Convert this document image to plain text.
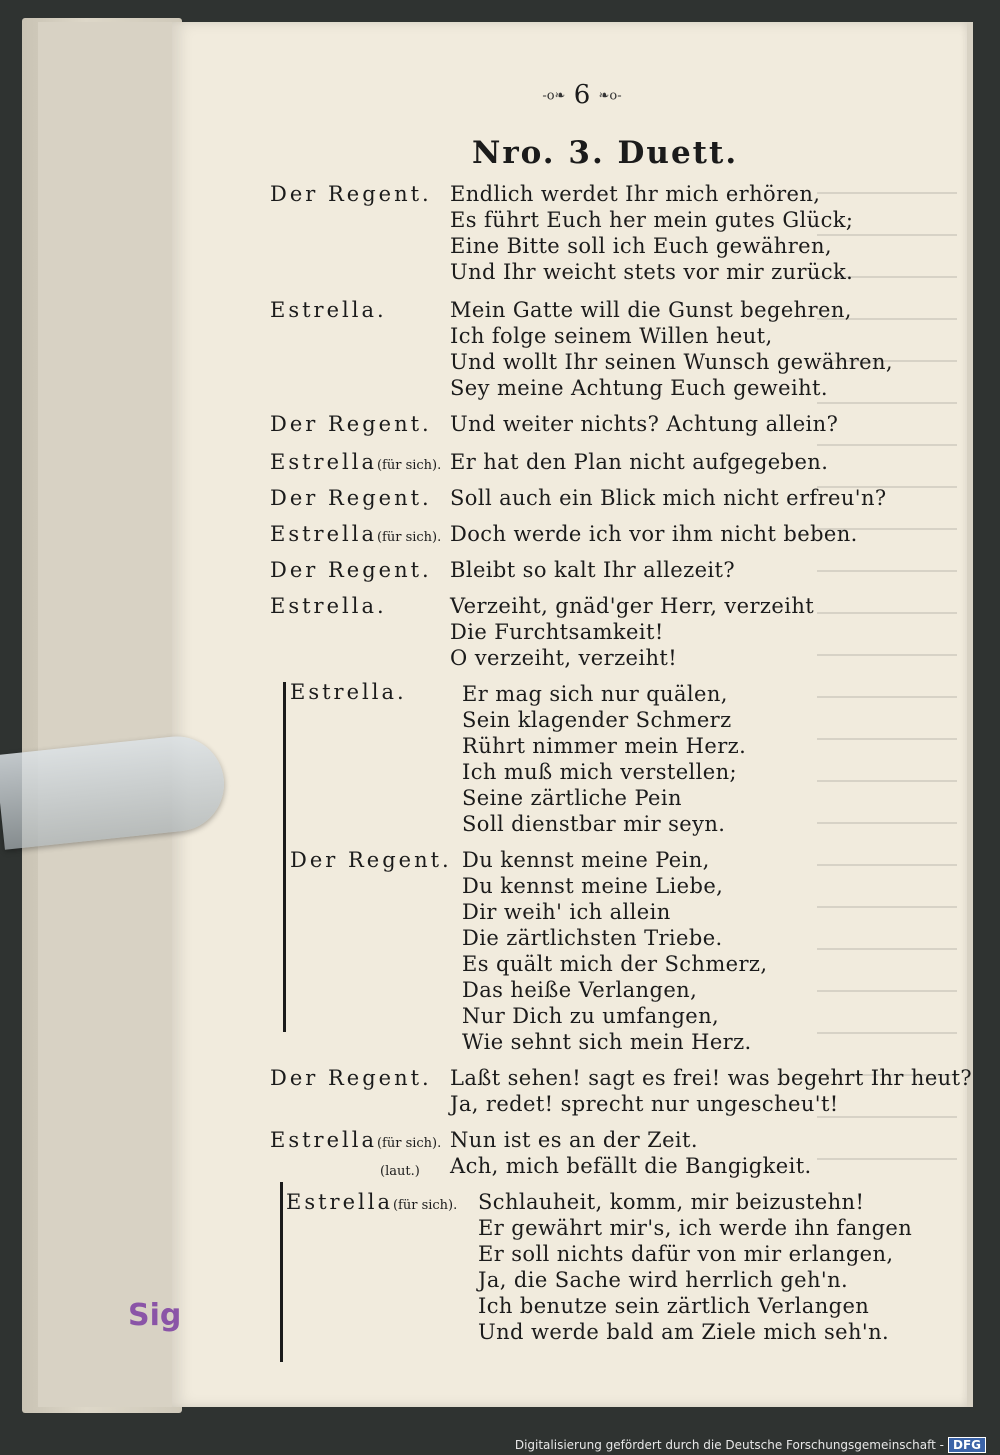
-o❧ 6 ❧o-
Nro. 3. Duett.
Der Regent. Endlich werdet Ihr mich erhören,
Es führt Euch her mein gutes Glück;
Eine Bitte soll ich Euch gewähren,
Und Ihr weicht stets vor mir zurück.
Estrella.	Mein Gatte will die Gunst begehren,
Ich folge seinem Willen heut,
Und wollt Ihr seinen Wunsch gewähren,
Sey meine Achtung Euch geweiht.
Der Regent. Und weiter nichts? Achtung allein?
Estrella(für sich). Er hat den Plan nicht aufgegeben.
Der Regent. Soll auch ein Blick mich nicht erfreu'n?
Estrella(für sich). Doch werde ich vor ihm nicht beben.
Der Regent. Bleibt so kalt Ihr allezeit?
Estrella.	Verzeiht, gnäd'ger Herr, verzeiht
Die Furchtsamkeit!
O verzeiht, verzeiht!
Estrella.	Er mag sich nur quälen,
Sein klagender Schmerz
Rührt nimmer mein Herz.
Ich muß mich verstellen;
Seine zärtliche Pein
Soll dienstbar mir seyn.
Der Regent. Du kennst meine Pein,
Du kennst meine Liebe,
Dir weih' ich allein
Die zärtlichsten Triebe.
Es quält mich der Schmerz,
Das heiße Verlangen,
Nur Dich zu umfangen,
Wie sehnt sich mein Herz.
Der Regent. Laßt sehen! sagt es frei! was begehrt Ihr heut?
Ja, redet! sprecht nur ungescheu't!
Estrella(für sich). Nun ist es an der Zeit.
(laut.) Ach, mich befällt die Bangigkeit.
Estrella(für sich). Schlauheit, komm, mir beizustehn!
Er gewährt mir's, ich werde ihn fangen
Er soll nichts dafür von mir erlangen,
Ja, die Sache wird herrlich geh'n.
Ich benutze sein zärtlich Verlangen
Und werde bald am Ziele mich seh'n.
Sig
Digitalisierung gefördert durch die Deutsche Forschungsgemeinschaft - DFG
